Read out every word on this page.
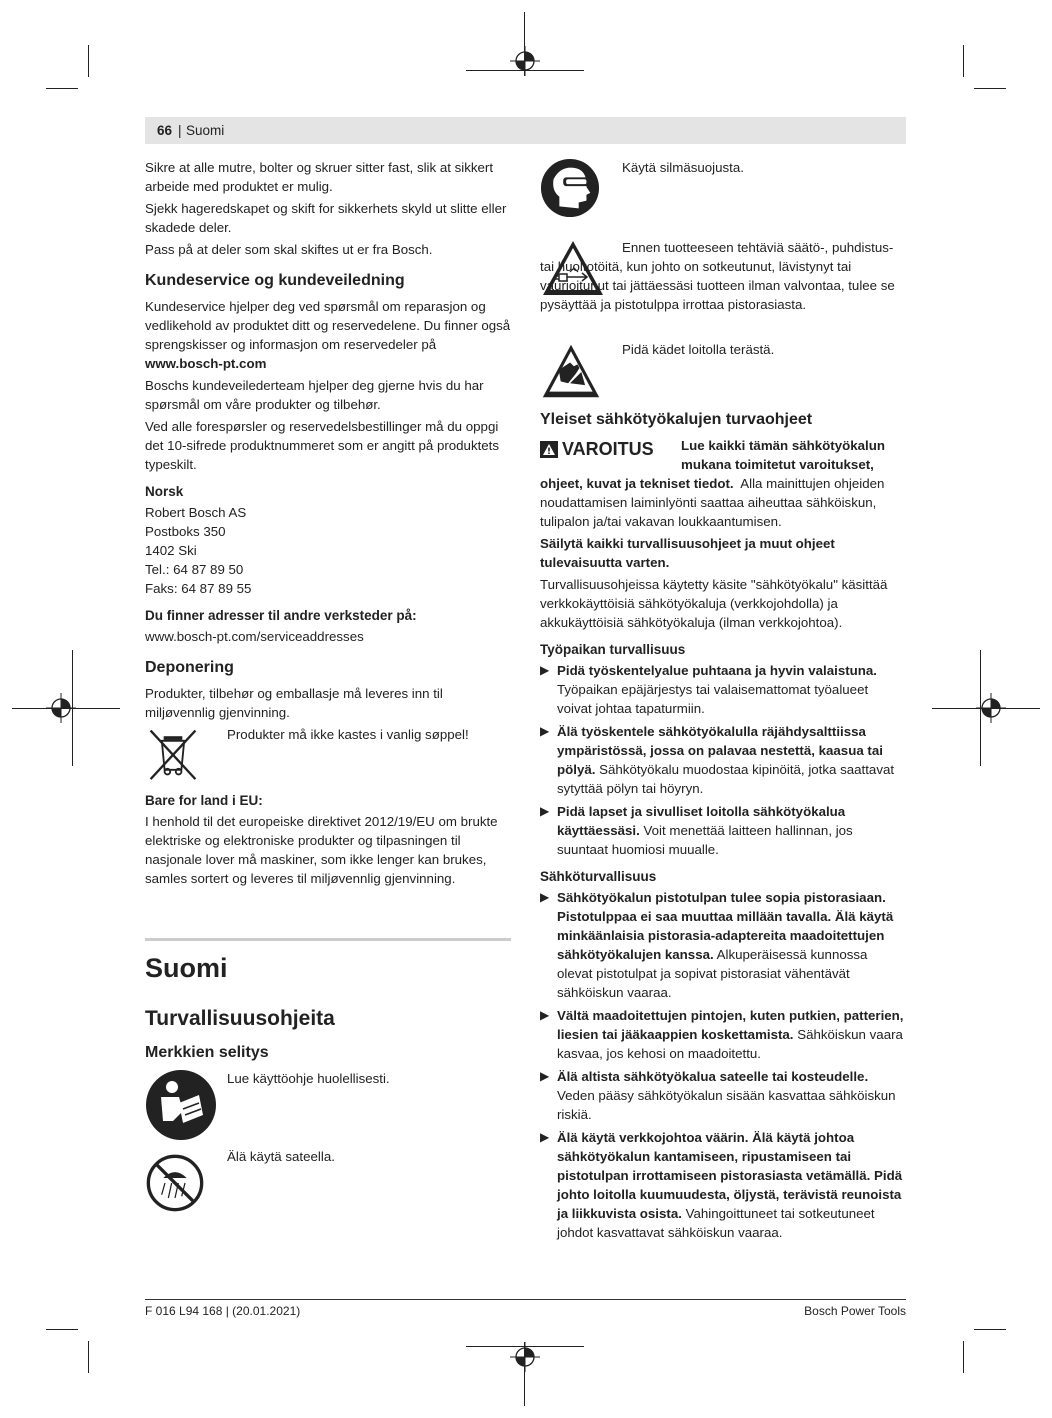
66 | Suomi

Sikre at alle mutre, bolter og skruer sitter fast, slik at sikkert arbeide med produktet er mulig.

Sjekk hageredskapet og skift for sikkerhets skyld ut slitte eller skadede deler.

Pass på at deler som skal skiftes ut er fra Bosch.

Kundeservice og kundeveiledning

Kundeservice hjelper deg ved spørsmål om reparasjon og vedlikehold av produktet ditt og reservedelene. Du finner også sprengskisser og informasjon om reservedeler på
www.bosch-pt.com

Boschs kundeveilederteam hjelper deg gjerne hvis du har spørsmål om våre produkter og tilbehør.

Ved alle forespørsler og reservedelsbestillinger må du oppgi det 10-sifrede produktnummeret som er angitt på produktets typeskilt.

Norsk
Robert Bosch AS
Postboks 350
1402 Ski
Tel.: 64 87 89 50
Faks: 64 87 89 55
Du finner adresser til andre verksteder på:

www.bosch-pt.com/serviceaddresses

Deponering

Produkter, tilbehør og emballasje må leveres inn til miljøvennlig gjenvinning.

Produkter må ikke kastes i vanlig søppel!
Bare for land i EU:

I henhold til det europeiske direktivet 2012/19/EU om brukte elektriske og elektroniske produkter og tilpasningen til nasjonale lover må maskiner, som ikke lenger kan brukes, samles sortert og leveres til miljøvennlig gjenvinning.

Suomi
Turvallisuusohjeita
Merkkien selitys
Lue käyttöohje huolellisesti.
Älä käytä sateella.
Käytä silmäsuojusta.
Ennen tuotteeseen tehtäviä säätö-, puhdistus- tai huoltotöitä, kun johto on sotkeutunut, lävistynyt tai vaurioitunut tai jättäessäsi tuotteen ilman valvontaa, tulee se pysäyttää ja pistotulppa irrottaa pistorasiasta.
Pidä kädet loitolla terästä.
Yleiset sähkötyökalujen turvaohjeet
VAROITUS	Lue kaikki tämän sähkötyökalun mukana toimitetut varoitukset, ohjeet, kuvat ja tekniset tiedot. Alla mainittujen ohjeiden noudattamisen laiminlyönti saattaa aiheuttaa sähköiskun, tulipalon ja/tai vakavan loukkaantumisen.

Säilytä kaikki turvallisuusohjeet ja muut ohjeet tulevaisuutta varten.

Turvallisuusohjeissa käytetty käsite "sähkötyökalu" käsittää verkkokäyttöisiä sähkötyökaluja (verkkojohdolla) ja akkukäyttöisiä sähkötyökaluja (ilman verkkojohtoa).

Työpaikan turvallisuus
▶ Pidä työskentelyalue puhtaana ja hyvin valaistuna. Työpaikan epäjärjestys tai valaisemattomat työalueet voivat johtaa tapaturmiin.
▶ Älä työskentele sähkötyökalulla räjähdysalttiissa ympäristössä, jossa on palavaa nestettä, kaasua tai pölyä. Sähkötyökalu muodostaa kipinöitä, jotka saattavat sytyttää pölyn tai höyryn.
▶ Pidä lapset ja sivulliset loitolla sähkötyökalua käyttäessäsi. Voit menettää laitteen hallinnan, jos suuntaat huomiosi muualle.
Sähköturvallisuus
▶ Sähkötyökalun pistotulpan tulee sopia pistorasiaan. Pistotulppaa ei saa muuttaa millään tavalla. Älä käytä minkäänlaisia pistorasia-adaptereita maadoitettujen sähkötyökalujen kanssa. Alkuperäisessä kunnossa olevat pistotulpat ja sopivat pistorasiat vähentävät sähköiskun vaaraa.
▶ Vältä maadoitettujen pintojen, kuten putkien, patterien, liesien tai jääkaappien koskettamista. Sähköiskun vaara kasvaa, jos kehosi on maadoitettu.
▶ Älä altista sähkötyökalua sateelle tai kosteudelle. Veden pääsy sähkötyökalun sisään kasvattaa sähköiskun riskiä.
▶ Älä käytä verkkojohtoa väärin. Älä käytä johtoa sähkötyökalun kantamiseen, ripustamiseen tai pistotulpan irrottamiseen pistorasiasta vetämällä. Pidä johto loitolla kuumuudesta, öljystä, terävistä reunoista ja liikkuvista osista. Vahingoittuneet tai sotkeutuneet johdot kasvattavat sähköiskun vaaraa.
F 016 L94 168 | (20.01.2021)	Bosch Power Tools
